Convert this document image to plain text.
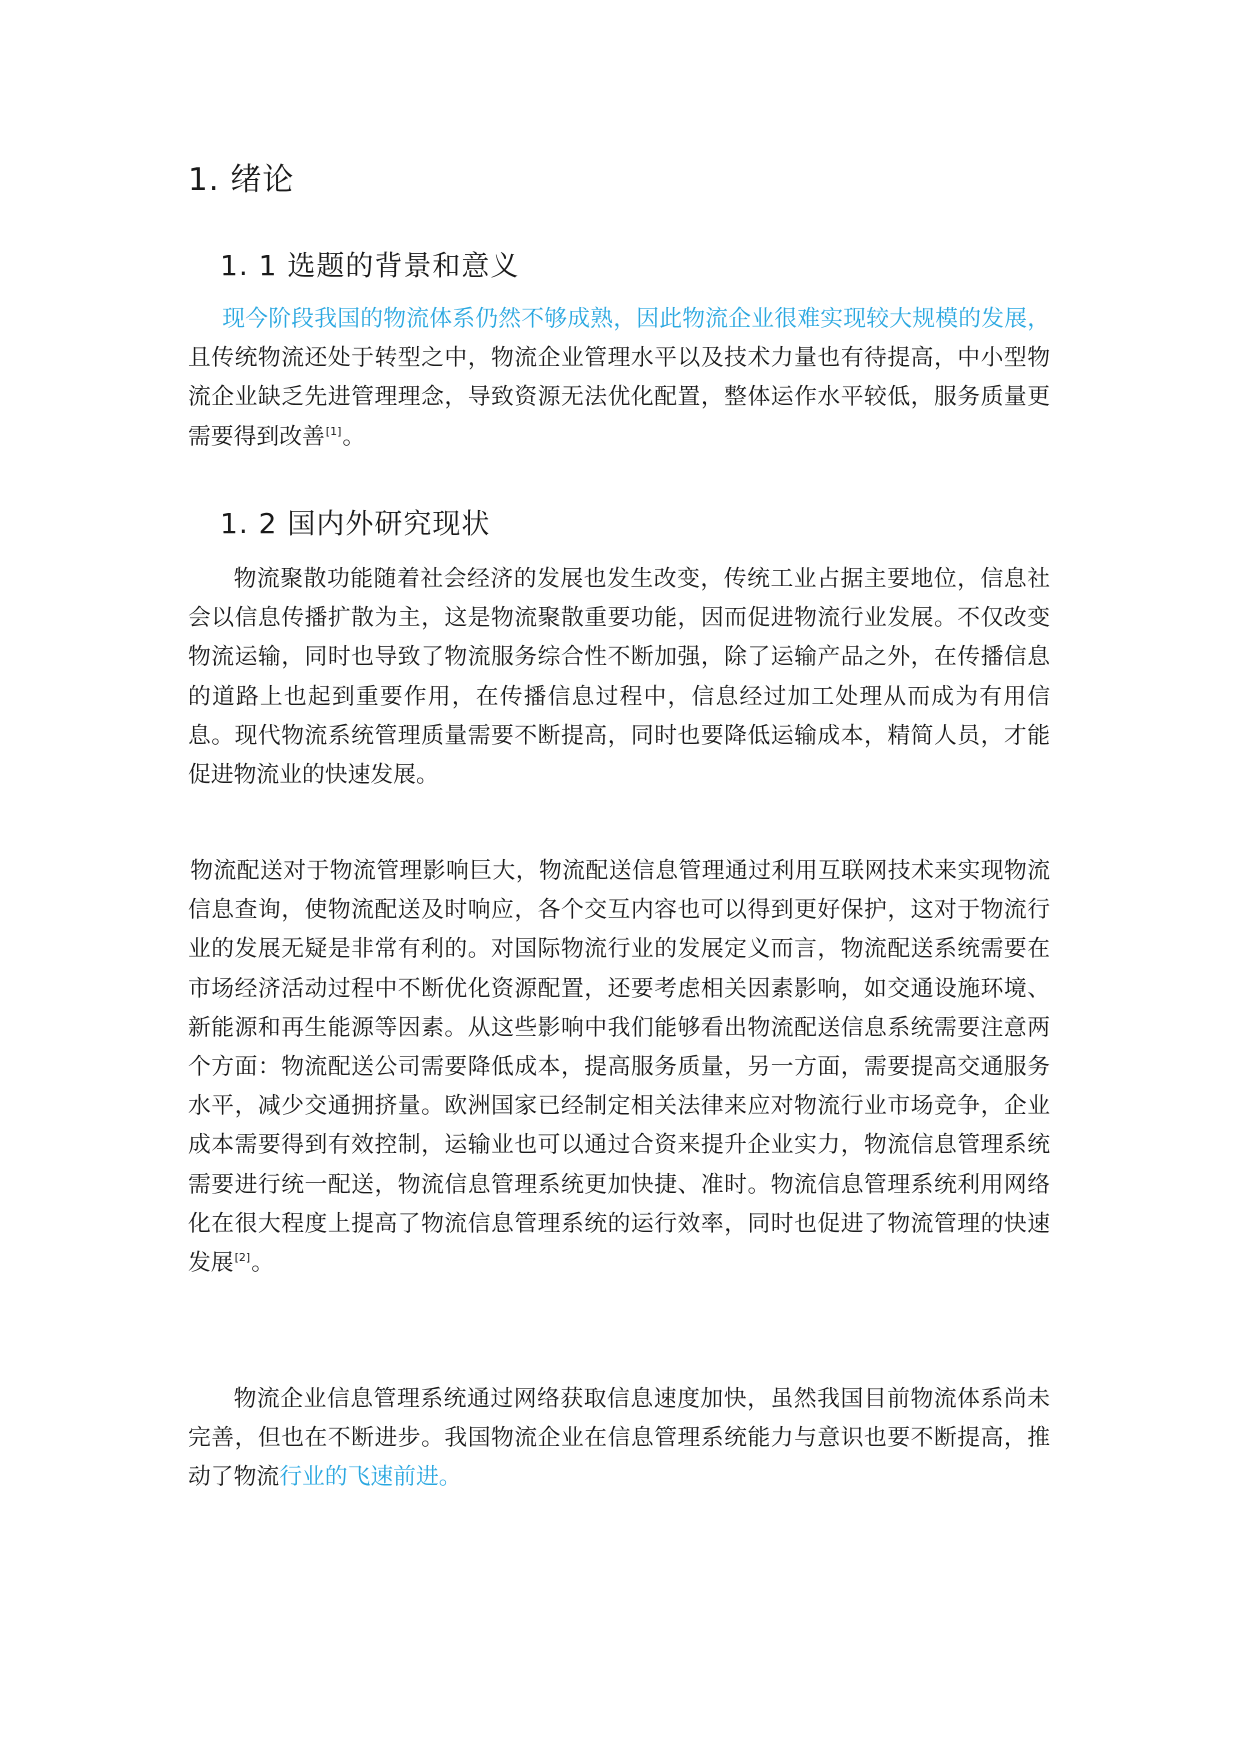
1. 绪论
1. 1 选题的背景和意义

现今阶段我国的物流体系仍然不够成熟，因此物流企业很难实现较大规模的发展，且传统物流还处于转型之中，物流企业管理水平以及技术力量也有待提高，中小型物流企业缺乏先进管理理念，导致资源无法优化配置，整体运作水平较低，服务质量更需要得到改善[1]。

1. 2 国内外研究现状

物流聚散功能随着社会经济的发展也发生改变，传统工业占据主要地位，信息社会以信息传播扩散为主，这是物流聚散重要功能，因而促进物流行业发展。不仅改变物流运输，同时也导致了物流服务综合性不断加强，除了运输产品之外，在传播信息的道路上也起到重要作用，在传播信息过程中，信息经过加工处理从而成为有用信息。现代物流系统管理质量需要不断提高，同时也要降低运输成本，精简人员，才能促进物流业的快速发展。

物流配送对于物流管理影响巨大，物流配送信息管理通过利用互联网技术来实现物流信息查询，使物流配送及时响应，各个交互内容也可以得到更好保护，这对于物流行业的发展无疑是非常有利的。对国际物流行业的发展定义而言，物流配送系统需要在市场经济活动过程中不断优化资源配置，还要考虑相关因素影响，如交通设施环境、新能源和再生能源等因素。从这些影响中我们能够看出物流配送信息系统需要注意两个方面：物流配送公司需要降低成本，提高服务质量，另一方面，需要提高交通服务水平，减少交通拥挤量。欧洲国家已经制定相关法律来应对物流行业市场竞争，企业成本需要得到有效控制，运输业也可以通过合资来提升企业实力，物流信息管理系统需要进行统一配送，物流信息管理系统更加快捷、准时。物流信息管理系统利用网络化在很大程度上提高了物流信息管理系统的运行效率，同时也促进了物流管理的快速发展[2]。

物流企业信息管理系统通过网络获取信息速度加快，虽然我国目前物流体系尚未完善，但也在不断进步。我国物流企业在信息管理系统能力与意识也要不断提高，推动了物流行业的飞速前进。
